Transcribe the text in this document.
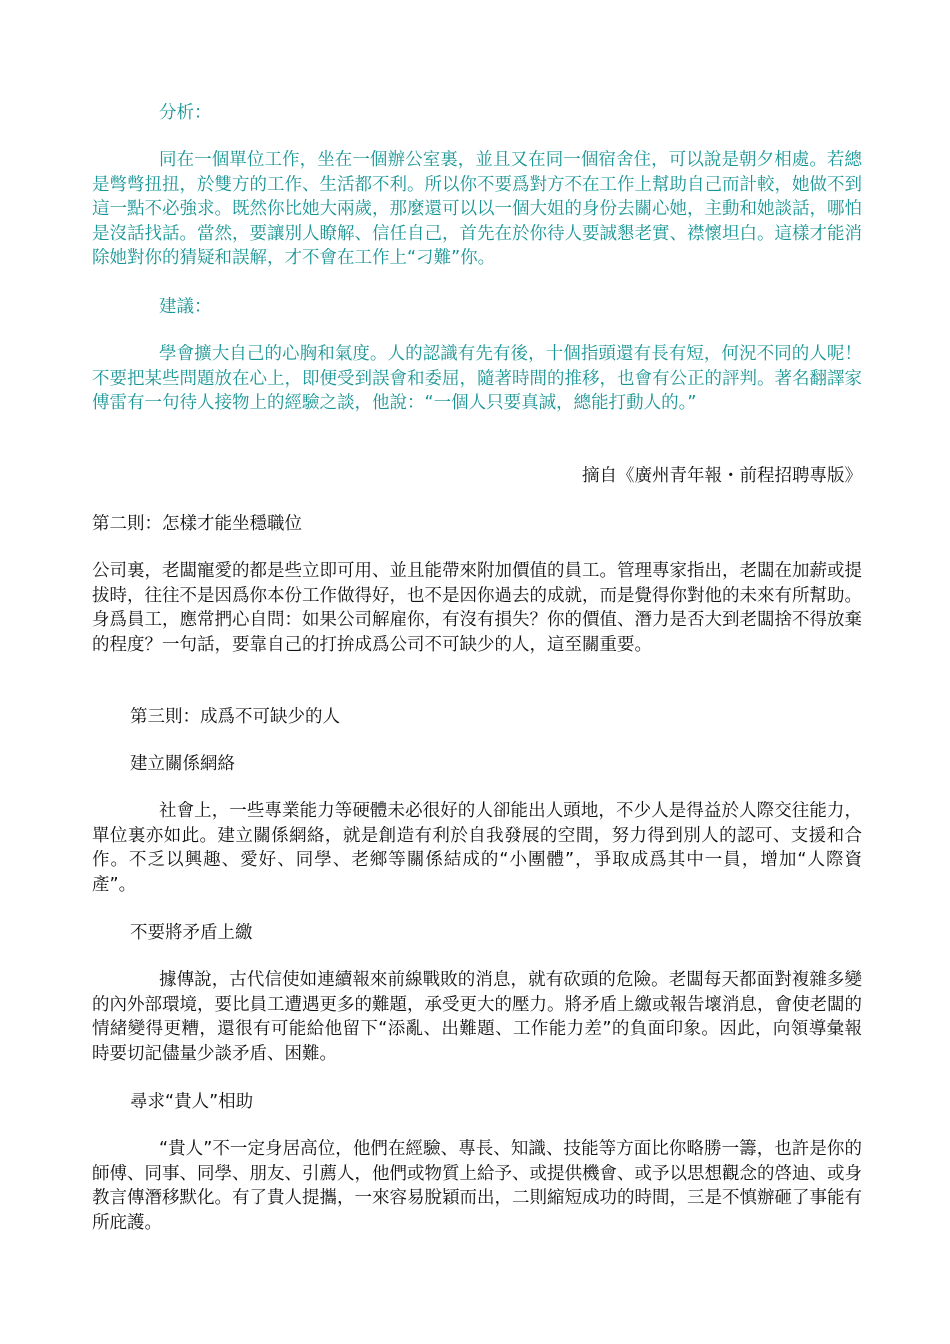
分析：

同在一個單位工作，坐在一個辦公室裏，並且又在同一個宿舍住，可以說是朝夕相處。若總是彆彆扭扭，於雙方的工作、生活都不利。所以你不要爲對方不在工作上幫助自己而計較，她做不到這一點不必強求。既然你比她大兩歲，那麼還可以以一個大姐的身份去關心她，主動和她談話，哪怕是沒話找話。當然，要讓別人瞭解、信任自己，首先在於你待人要誠懇老實、襟懷坦白。這樣才能消除她對你的猜疑和誤解，才不會在工作上“刁難”你。

建議：

學會擴大自己的心胸和氣度。人的認識有先有後，十個指頭還有長有短，何況不同的人呢！不要把某些問題放在心上，即便受到誤會和委屈，隨著時間的推移，也會有公正的評判。著名翻譯家傅雷有一句待人接物上的經驗之談，他說：“一個人只要真誠，總能打動人的。”

摘自《廣州青年報・前程招聘專版》

第二則：怎樣才能坐穩職位

公司裏，老闆寵愛的都是些立即可用、並且能帶來附加價值的員工。管理專家指出，老闆在加薪或提拔時，往往不是因爲你本份工作做得好，也不是因你過去的成就，而是覺得你對他的未來有所幫助。身爲員工，應常捫心自問：如果公司解雇你，有沒有損失？你的價值、潛力是否大到老闆捨不得放棄的程度？一句話，要靠自己的打拚成爲公司不可缺少的人，這至關重要。

第三則：成爲不可缺少的人

建立關係網絡

社會上，一些專業能力等硬體未必很好的人卻能出人頭地，不少人是得益於人際交往能力，單位裏亦如此。建立關係網絡，就是創造有利於自我發展的空間，努力得到別人的認可、支援和合作。不乏以興趣、愛好、同學、老鄉等關係結成的“小團體”，爭取成爲其中一員，增加“人際資產”。

不要將矛盾上繳

據傳說，古代信使如連續報來前線戰敗的消息，就有砍頭的危險。老闆每天都面對複雜多變的內外部環境，要比員工遭遇更多的難題，承受更大的壓力。將矛盾上繳或報告壞消息，會使老闆的情緒變得更糟，還很有可能給他留下“添亂、出難題、工作能力差”的負面印象。因此，向領導彙報時要切記儘量少談矛盾、困難。

尋求“貴人”相助

“貴人”不一定身居高位，他們在經驗、專長、知識、技能等方面比你略勝一籌，也許是你的師傅、同事、同學、朋友、引薦人，他們或物質上給予、或提供機會、或予以思想觀念的啓迪、或身教言傳潛移默化。有了貴人提攜，一來容易脫穎而出，二則縮短成功的時間，三是不慎辦砸了事能有所庇護。
